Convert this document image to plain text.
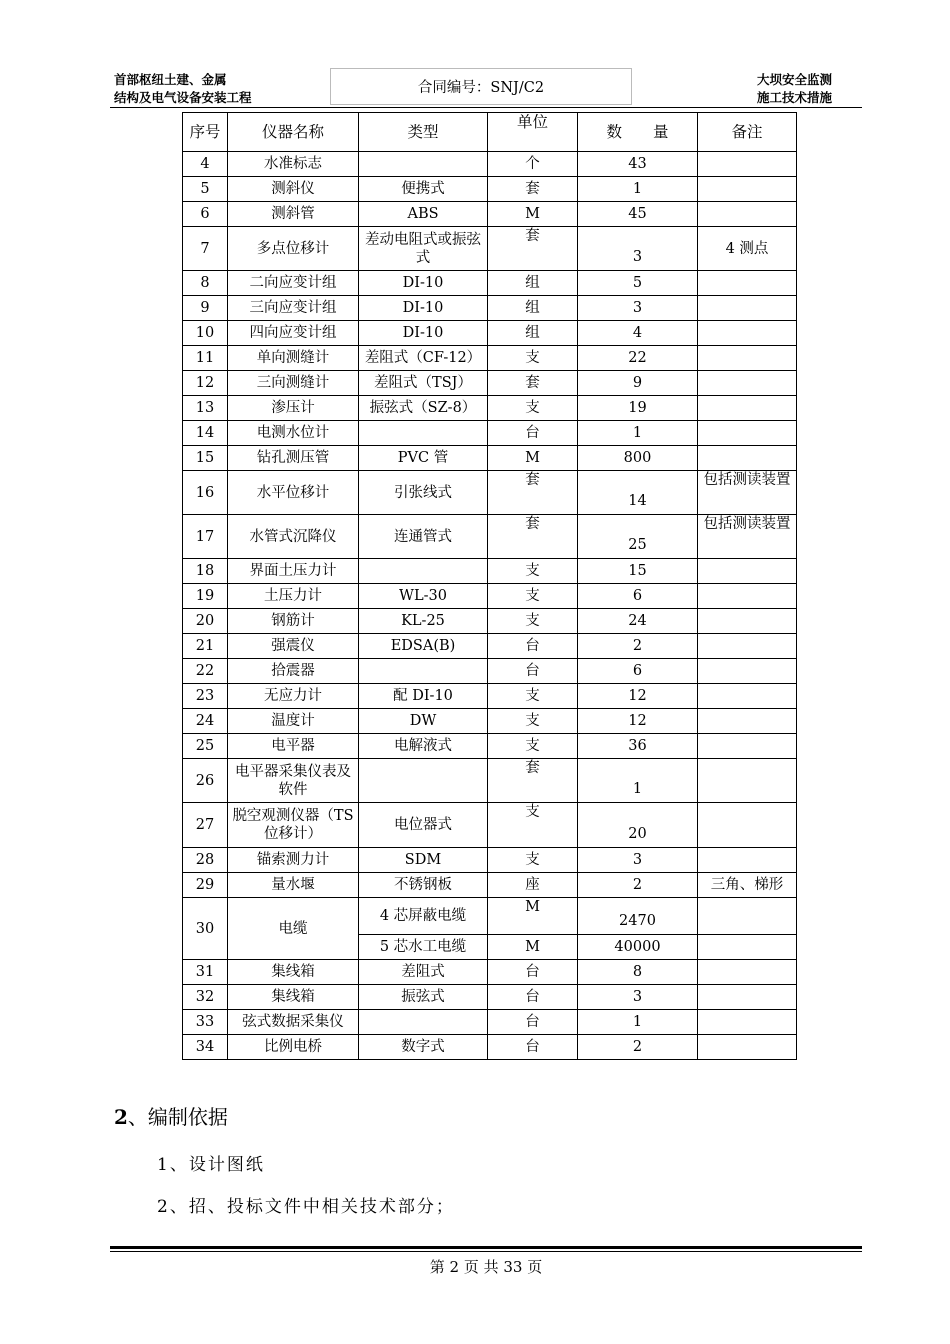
首部枢纽土建、金属
结构及电气设备安装工程
合同编号：SNJ/C2
大坝安全监测
施工技术措施
序号	仪器名称	类型	单位	数　　量	备注
4	水准标志		个	43	
5	测斜仪	便携式	套	1	
6	测斜管	ABS	M	45	
7	多点位移计	差动电阻式或振弦式	套	3	4 测点
8	二向应变计组	DI-10	组	5	
9	三向应变计组	DI-10	组	3	
10	四向应变计组	DI-10	组	4	
11	单向测缝计	差阻式（CF-12）	支	22	
12	三向测缝计	差阻式（TSJ）	套	9	
13	渗压计	振弦式（SZ-8）	支	19	
14	电测水位计		台	1	
15	钻孔测压管	PVC 管	M	800	
16	水平位移计	引张线式	套	14	包括测读装置
17	水管式沉降仪	连通管式	套	25	包括测读装置
18	界面土压力计		支	15	
19	土压力计	WL-30	支	6	
20	钢筋计	KL-25	支	24	
21	强震仪	EDSA(B)	台	2	
22	拾震器		台	6	
23	无应力计	配 DI-10	支	12	
24	温度计	DW	支	12	
25	电平器	电解液式	支	36	
26	电平器采集仪表及软件		套	1	
27	脱空观测仪器（TS 位移计）	电位器式	支	20	
28	锚索测力计	SDM	支	3	
29	量水堰	不锈钢板	座	2	三角、梯形
30	电缆	4 芯屏蔽电缆	M	2470	
		5 芯水工电缆	M	40000	
31	集线箱	差阻式	台	8	
32	集线箱	振弦式	台	3	
33	弦式数据采集仪		台	1	
34	比例电桥	数字式	台	2	
2、编制依据
1、设计图纸
2、招、投标文件中相关技术部分；
第 2 页 共 33 页
